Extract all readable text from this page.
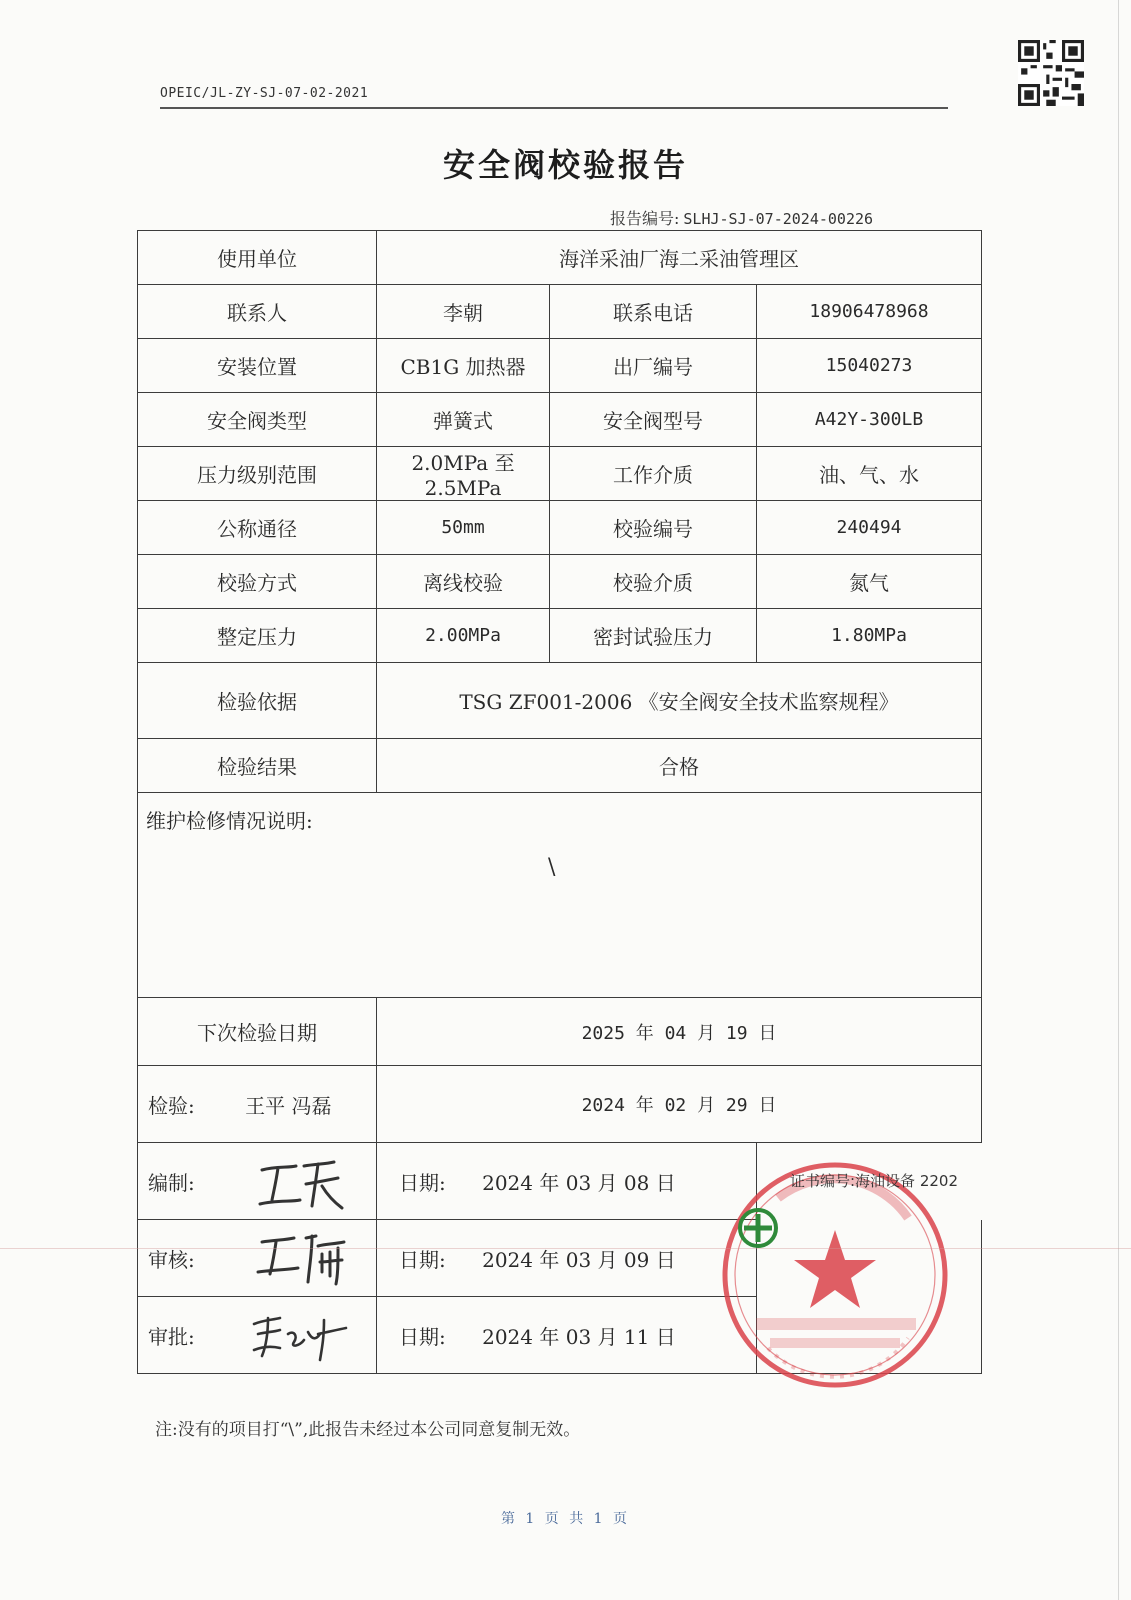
OPEIC/JL-ZY-SJ-07-02-2021
安全阀校验报告
报告编号: SLHJ-SJ-07-2024-00226
使用单位	海洋采油厂海二采油管理区		
联系人	李朝	联系电话	18906478968
安装位置	CB1G 加热器	出厂编号	15040273
安全阀类型	弹簧式	安全阀型号	A42Y-300LB
压力级别范围	2.0MPa 至 2.5MPa	工作介质	油、气、水
公称通径	50mm	校验编号	240494
校验方式	离线校验	校验介质	氮气
整定压力	2.00MPa	密封试验压力	1.80MPa
检验依据	TSG ZF001-2006 《安全阀安全技术监察规程》		
检验结果	合格		
维护检修情况说明:
\			

下次检验日期	2025 年 04 月 19 日		
检验: 王平 冯磊	2024 年 02 月 29 日		
编制:	日期: 2024 年 03 月 08 日		
审核:	日期: 2024 年 03 月 09 日		
审批:	日期: 2024 年 03 月 11 日		
证书编号:海油设备 2202
注:没有的项目打“\”,此报告未经过本公司同意复制无效。
第 1 页 共 1 页
